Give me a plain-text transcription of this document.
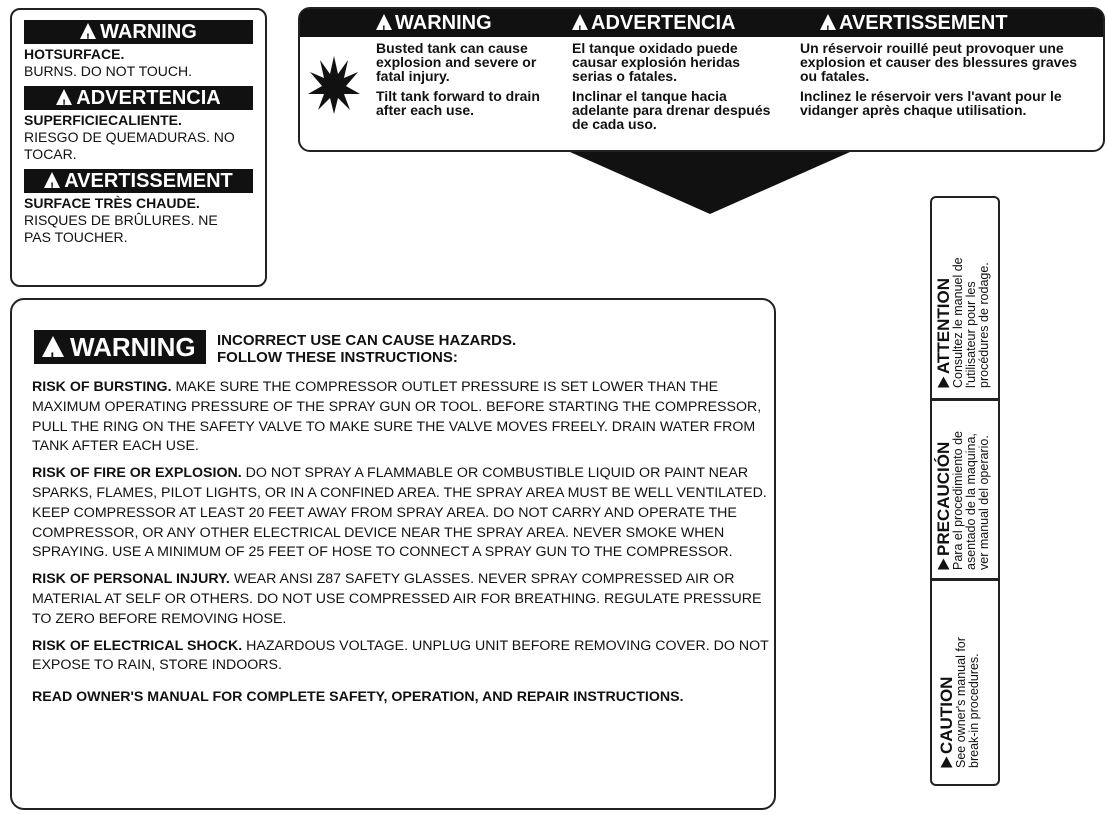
!WARNING
HOTSURFACE.
BURNS. DO NOT TOUCH.
!ADVERTENCIA
SUPERFICIECALIENTE.
RIESGO DE QUEMADURAS. NO TOCAR.
!AVERTISSEMENT
SURFACE TRÈS CHAUDE.
RISQUES DE BRÛLURES. NE PAS TOUCHER.
!WARNING !	ADVERTENCIA !	AVERTISSEMENT

Busted tank can cause explosion and severe or fatal injury.

Tilt tank forward to drain after each use.

El tanque oxidado puede causar explosión heridas serias o fatales.

Inclinar el tanque hacia adelante para drenar después de cada uso.

Un réservoir rouillé peut provoquer une explosion et causer des blessures graves ou fatales.

Inclinez le réservoir vers l'avant pour le vidanger après chaque utilisation.

!WARNING	INCORRECT USE CAN CAUSE HAZARDS.
FOLLOW THESE INSTRUCTIONS:

RISK OF BURSTING. MAKE SURE THE COMPRESSOR OUTLET PRESSURE IS SET LOWER THAN THE MAXIMUM OPERATING PRESSURE OF THE SPRAY GUN OR TOOL. BEFORE STARTING THE COMPRESSOR, PULL THE RING ON THE SAFETY VALVE TO MAKE SURE THE VALVE MOVES FREELY. DRAIN WATER FROM TANK AFTER EACH USE.

RISK OF FIRE OR EXPLOSION. DO NOT SPRAY A FLAMMABLE OR COMBUSTIBLE LIQUID OR PAINT NEAR SPARKS, FLAMES, PILOT LIGHTS, OR IN A CONFINED AREA. THE SPRAY AREA MUST BE WELL VENTILATED. KEEP COMPRESSOR AT LEAST 20 FEET AWAY FROM SPRAY AREA. DO NOT CARRY AND OPERATE THE COMPRESSOR, OR ANY OTHER ELECTRICAL DEVICE NEAR THE SPRAY AREA. NEVER SMOKE WHEN SPRAYING. USE A MINIMUM OF 25 FEET OF HOSE TO CONNECT A SPRAY GUN TO THE COMPRESSOR.

RISK OF PERSONAL INJURY. WEAR ANSI Z87 SAFETY GLASSES. NEVER SPRAY COMPRESSED AIR OR MATERIAL AT SELF OR OTHERS. DO NOT USE COMPRESSED AIR FOR BREATHING. REGULATE PRESSURE TO ZERO BEFORE REMOVING HOSE.

RISK OF ELECTRICAL SHOCK. HAZARDOUS VOLTAGE. UNPLUG UNIT BEFORE REMOVING COVER. DO NOT EXPOSE TO RAIN, STORE INDOORS.

READ OWNER'S MANUAL FOR COMPLETE SAFETY, OPERATION, AND REPAIR INSTRUCTIONS.

ATTENTION
Consultez le manuel de l'utilisateur pour les procédures de rodage.
PRECAUCIÓN
Para el procedimiento de asentado de la maquina, ver manual del operario.
CAUTION
See owner's manual for break-in procedures.
